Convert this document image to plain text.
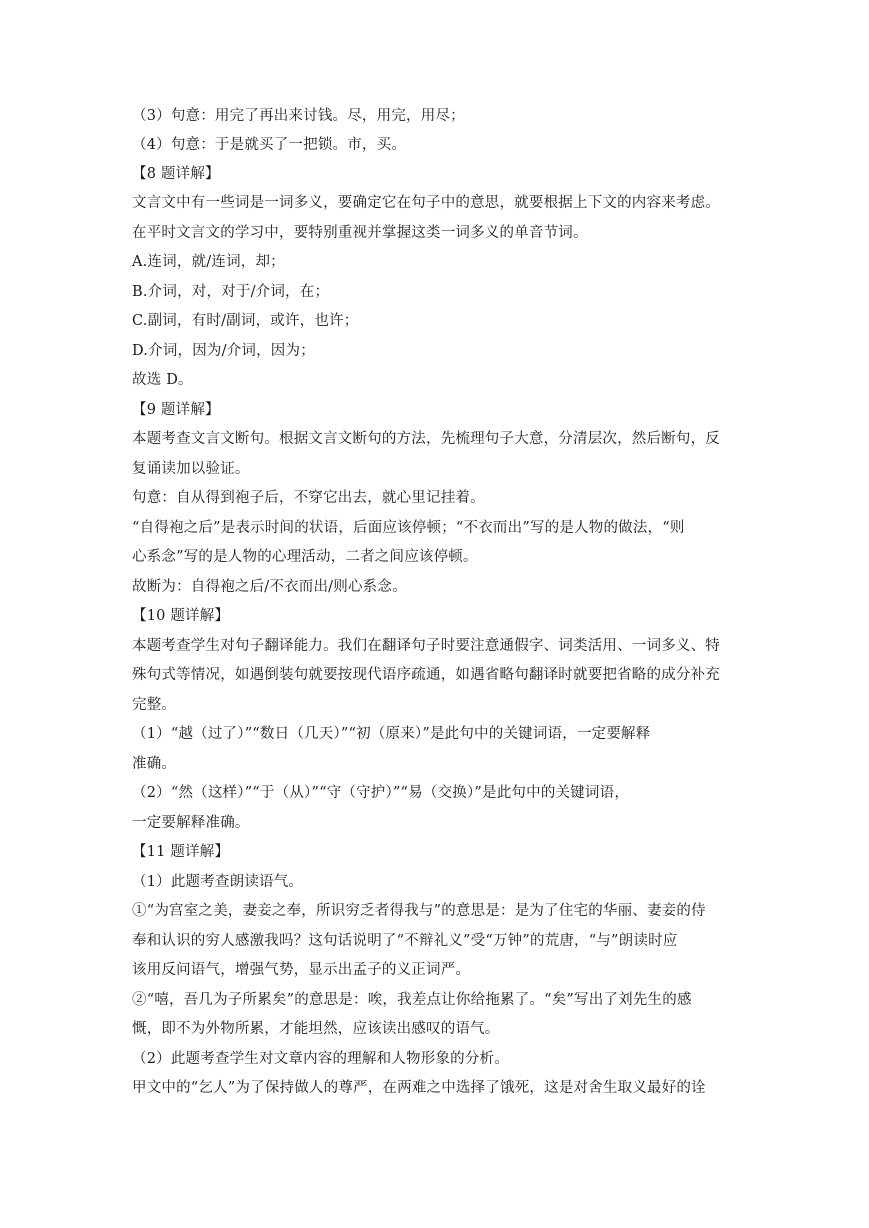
（3）句意：用完了再出来讨钱。尽，用完，用尽；
（4）句意：于是就买了一把锁。市，买。
【8 题详解】
文言文中有一些词是一词多义，要确定它在句子中的意思，就要根据上下文的内容来考虑。
在平时文言文的学习中，要特别重视并掌握这类一词多义的单音节词。
A.连词，就/连词，却；
B.介词，对，对于/介词，在；
C.副词，有时/副词，或许，也许；
D.介词，因为/介词，因为；
故选 D。
【9 题详解】
本题考查文言文断句。根据文言文断句的方法，先梳理句子大意，分清层次，然后断句，反
复诵读加以验证。
句意：自从得到袍子后，不穿它出去，就心里记挂着。
“自得袍之后”是表示时间的状语，后面应该停顿；“不衣而出”写的是人物的做法，“则
心系念”写的是人物的心理活动，二者之间应该停顿。
故断为：自得袍之后/不衣而出/则心系念。
【10 题详解】
本题考查学生对句子翻译能力。我们在翻译句子时要注意通假字、词类活用、一词多义、特
殊句式等情况，如遇倒装句就要按现代语序疏通，如遇省略句翻译时就要把省略的成分补充
完整。
（1）“越（过了）”“数日（几天）”“初（原来）”是此句中的关键词语，一定要解释
准确。
（2）“然（这样）”“于（从）”“守（守护）”“易（交换）”是此句中的关键词语，
一定要解释准确。
【11 题详解】
（1）此题考查朗读语气。
①“为宫室之美，妻妾之奉，所识穷乏者得我与”的意思是：是为了住宅的华丽、妻妾的侍
奉和认识的穷人感激我吗？这句话说明了“不辩礼义”受“万钟”的荒唐，“与”朗读时应
该用反问语气，增强气势，显示出孟子的义正词严。
②“嘻，吾几为子所累矣”的意思是：唉，我差点让你给拖累了。“矣”写出了刘先生的感
慨，即不为外物所累，才能坦然，应该读出感叹的语气。
（2）此题考查学生对文章内容的理解和人物形象的分析。
甲文中的“乞人”为了保持做人的尊严，在两难之中选择了饿死，这是对舍生取义最好的诠
